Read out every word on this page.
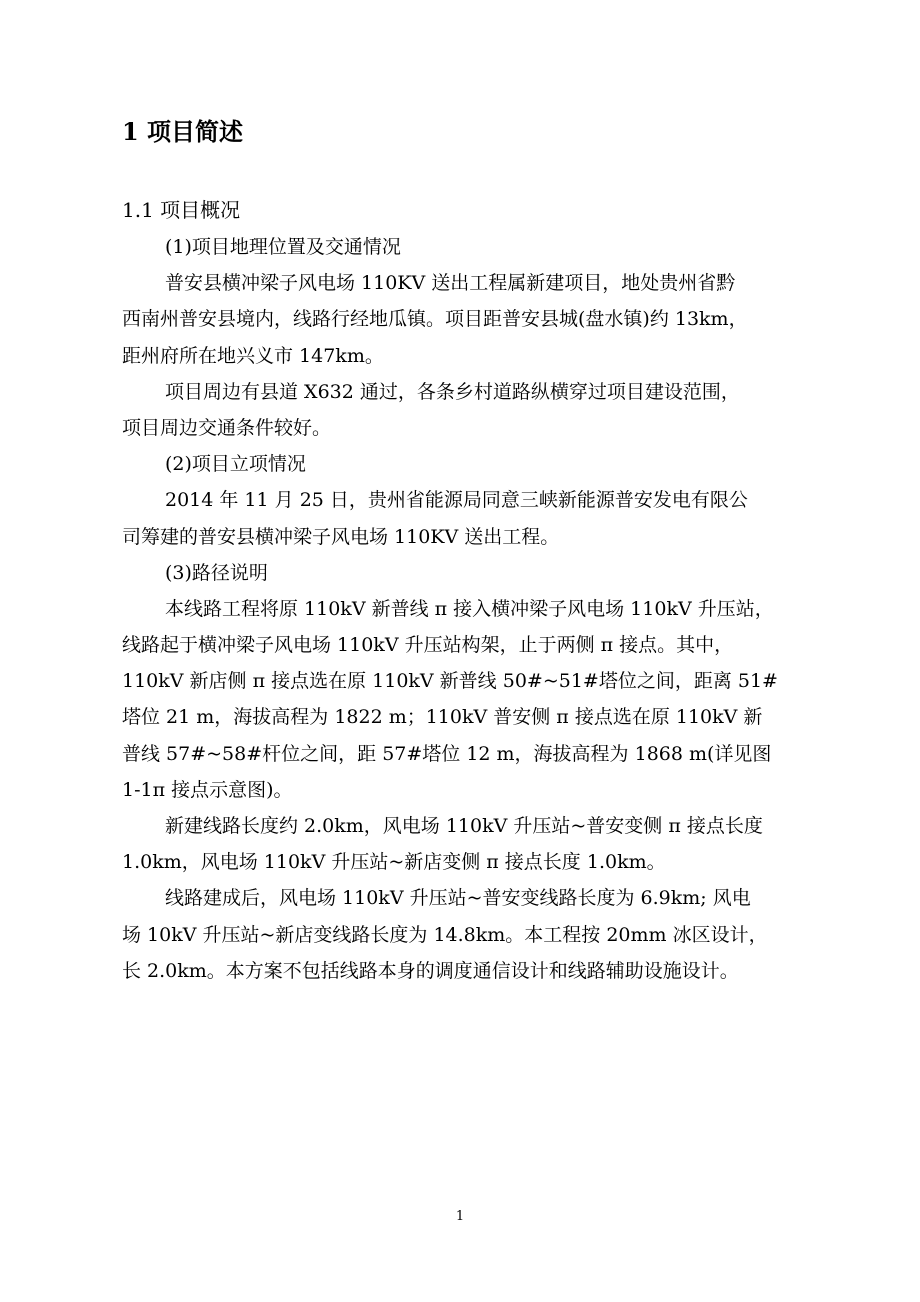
1 项目简述
1.1 项目概况
(1)项目地理位置及交通情况
普安县横冲梁子风电场 110KV 送出工程属新建项目，地处贵州省黔
西南州普安县境内，线路行经地瓜镇。项目距普安县城(盘水镇)约 13km，
距州府所在地兴义市 147km。
项目周边有县道 X632 通过，各条乡村道路纵横穿过项目建设范围，
项目周边交通条件较好。
(2)项目立项情况
2014 年 11 月 25 日，贵州省能源局同意三峡新能源普安发电有限公
司筹建的普安县横冲梁子风电场 110KV 送出工程。
(3)路径说明
本线路工程将原 110kV 新普线 π 接入横冲梁子风电场 110kV 升压站，
线路起于横冲梁子风电场 110kV 升压站构架，止于两侧 π 接点。其中，
110kV 新店侧 π 接点选在原 110kV 新普线 50#~51#塔位之间，距离 51#
塔位 21 m，海拔高程为 1822 m；110kV 普安侧 π 接点选在原 110kV 新
普线 57#~58#杆位之间，距 57#塔位 12 m，海拔高程为 1868 m(详见图
1-1π 接点示意图)。
新建线路长度约 2.0km，风电场 110kV 升压站~普安变侧 π 接点长度
1.0km，风电场 110kV 升压站~新店变侧 π 接点长度 1.0km。
线路建成后，风电场 110kV 升压站~普安变线路长度为 6.9km; 风电
场 10kV 升压站~新店变线路长度为 14.8km。本工程按 20mm 冰区设计，
长 2.0km。本方案不包括线路本身的调度通信设计和线路辅助设施设计。
1
